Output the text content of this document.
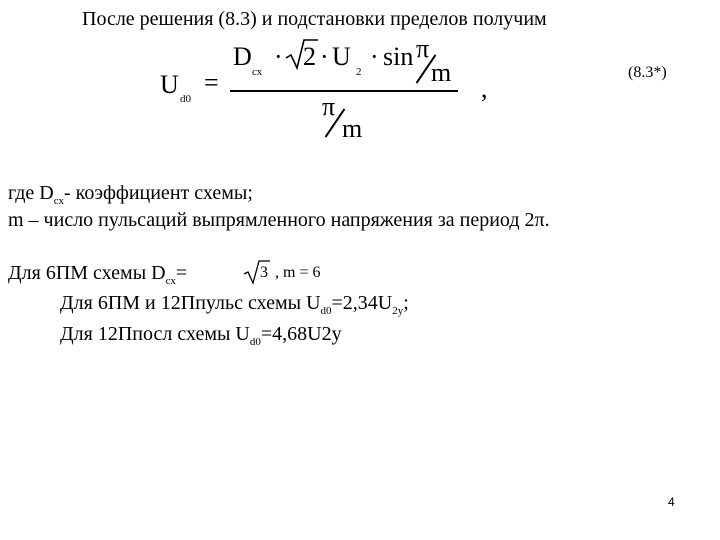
После решения (8.3) и подстановки пределов получим
U d0
=
D
сх
· 2 · U
2
· sin π
m
π
m
,
(8.3*)
где $D_{сх}-$ коэффициент схемы;
m – число пульсаций выпрямленного напряжения за период 2π.
Для 6ПМ схемы $D_{сх}=$	3 , m = 6
Для 6ПМ и 12Ппульс схемы $U_{d0}=2,34U_{2у}$;
Для 12Ппосл схемы $U_{d0}=4,68U2у$
4
